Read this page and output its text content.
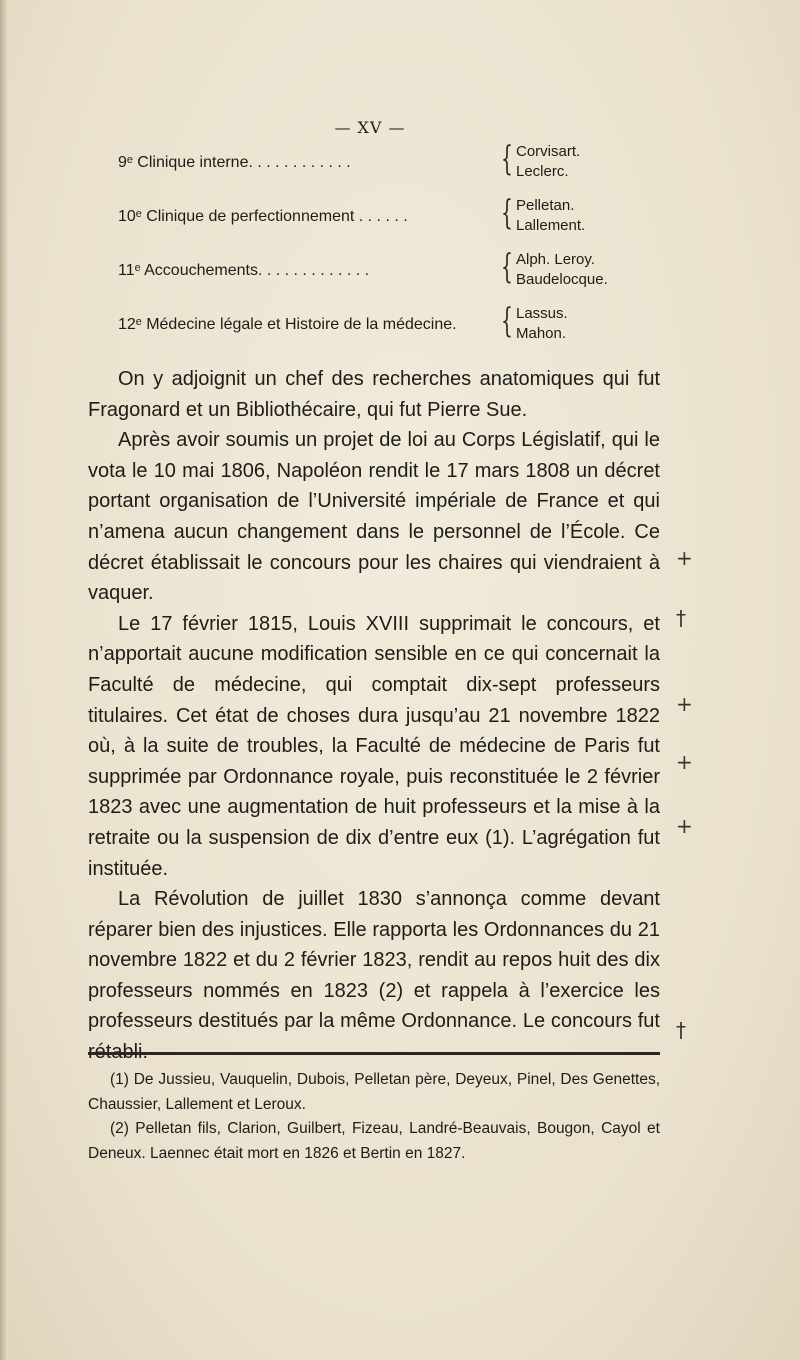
— XV —
9ᵉ Clinique interne. . . . . . . . . . . .	{ Corvisart.
Leclerc.
10ᵉ Clinique de perfectionnement . . . . . .	{ Pelletan.
Lallement.
11ᵉ Accouchements. . . . . . . . . . . . .	{ Alph. Leroy.
Baudelocque.
12ᵉ Médecine légale et Histoire de la médecine. { Lassus.
Mahon.

On y adjoignit un chef des recherches anatomiques qui fut Fragonard et un Bibliothécaire, qui fut Pierre Sue.

Après avoir soumis un projet de loi au Corps Législatif, qui le vota le 10 mai 1806, Napoléon rendit le 17 mars 1808 un décret portant organisation de l’Université impériale de France et qui n’amena aucun changement dans le personnel de l’École. Ce décret établissait le concours pour les chaires qui viendraient à vaquer.

Le 17 février 1815, Louis XVIII supprimait le concours, et n’apportait aucune modification sensible en ce qui concernait la Faculté de médecine, qui comptait dix-sept professeurs titulaires. Cet état de choses dura jusqu’au 21 novembre 1822 où, à la suite de troubles, la Faculté de médecine de Paris fut supprimée par Ordonnance royale, puis reconstituée le 2 février 1823 avec une augmentation de huit professeurs et la mise à la retraite ou la suspension de dix d’entre eux (1). L’agrégation fut instituée.

La Révolution de juillet 1830 s’annonça comme devant réparer bien des injustices. Elle rapporta les Ordonnances du 21 novembre 1822 et du 2 février 1823, rendit au repos huit des dix professeurs nommés en 1823 (2) et rappela à l’exercice les professeurs destitués par la même Ordonnance. Le concours fut

+
†
+
+
+
†

(1) De Jussieu, Vauquelin, Dubois, Pelletan père, Deyeux, Pinel, Des Genettes, Chaussier, Lallement et Leroux.

(2) Pelletan fils, Clarion, Guilbert, Fizeau, Landré-Beauvais, Bougon, Cayol et Deneux. Laennec était mort en 1826 et Bertin en 1827.
